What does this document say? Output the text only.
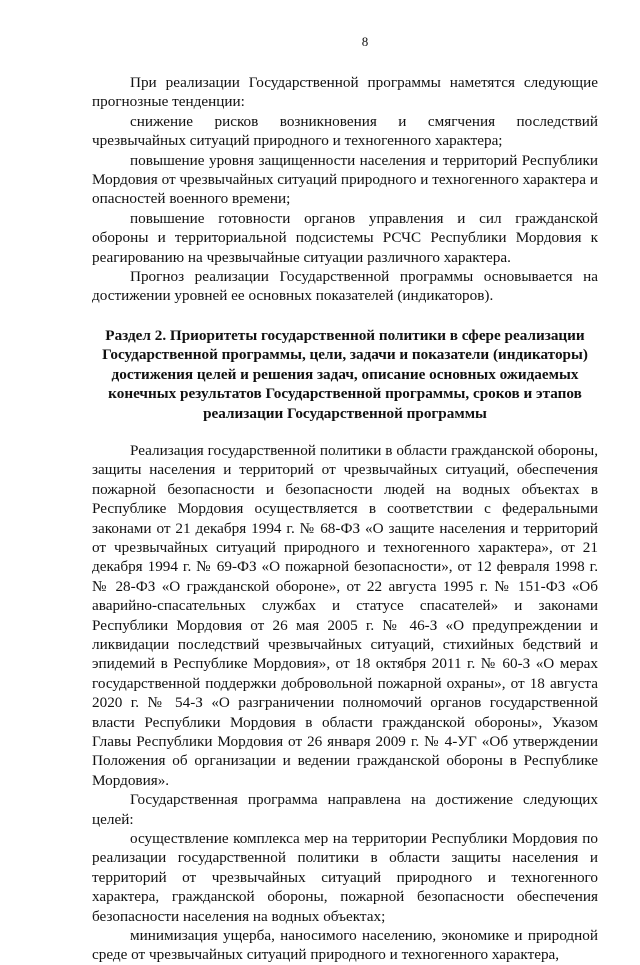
8

При реализации Государственной программы наметятся следующие прогнозные тенденции:

снижение рисков возникновения и смягчения последствий чрезвычайных ситуаций природного и техногенного характера;

повышение уровня защищенности населения и территорий Республики Мордовия от чрезвычайных ситуаций природного и техногенного характера и опасностей военного времени;

повышение готовности органов управления и сил гражданской обороны и территориальной подсистемы РСЧС Республики Мордовия к реагированию на чрезвычайные ситуации различного характера.

Прогноз реализации Государственной программы основывается на достижении уровней ее основных показателей (индикаторов).

Раздел 2. Приоритеты государственной политики в сфере реализации Государственной программы, цели, задачи и показатели (индикаторы) достижения целей и решения задач, описание основных ожидаемых конечных результатов Государственной программы, сроков и этапов реализации Государственной программы

Реализация государственной политики в области гражданской обороны, защиты населения и территорий от чрезвычайных ситуаций, обеспечения пожарной безопасности и безопасности людей на водных объектах в Республике Мордовия осуществляется в соответствии с федеральными законами от 21 декабря 1994 г. № 68-ФЗ «О защите населения и территорий от чрезвычайных ситуаций природного и техногенного характера», от 21 декабря 1994 г. № 69-ФЗ «О пожарной безопасности», от 12 февраля 1998 г. № 28-ФЗ «О гражданской обороне», от 22 августа 1995 г. № 151-ФЗ «Об аварийно-спасательных службах и статусе спасателей» и законами Республики Мордовия от 26 мая 2005 г. № 46-З «О предупреждении и ликвидации последствий чрезвычайных ситуаций, стихийных бедствий и эпидемий в Республике Мордовия», от 18 октября 2011 г. № 60-З «О мерах государственной поддержки добровольной пожарной охраны», от 18 августа 2020 г. № 54-З «О разграничении полномочий органов государственной власти Республики Мордовия в области гражданской обороны», Указом Главы Республики Мордовия от 26 января 2009 г. № 4-УГ «Об утверждении Положения об организации и ведении гражданской обороны в Республике Мордовия».

Государственная программа направлена на достижение следующих целей:

осуществление комплекса мер на территории Республики Мордовия по реализации государственной политики в области защиты населения и территорий от чрезвычайных ситуаций природного и техногенного характера, гражданской обороны, пожарной безопасности обеспечения безопасности населения на водных объектах;

минимизация ущерба, наносимого населению, экономике и природной среде от чрезвычайных ситуаций природного и техногенного характера,
